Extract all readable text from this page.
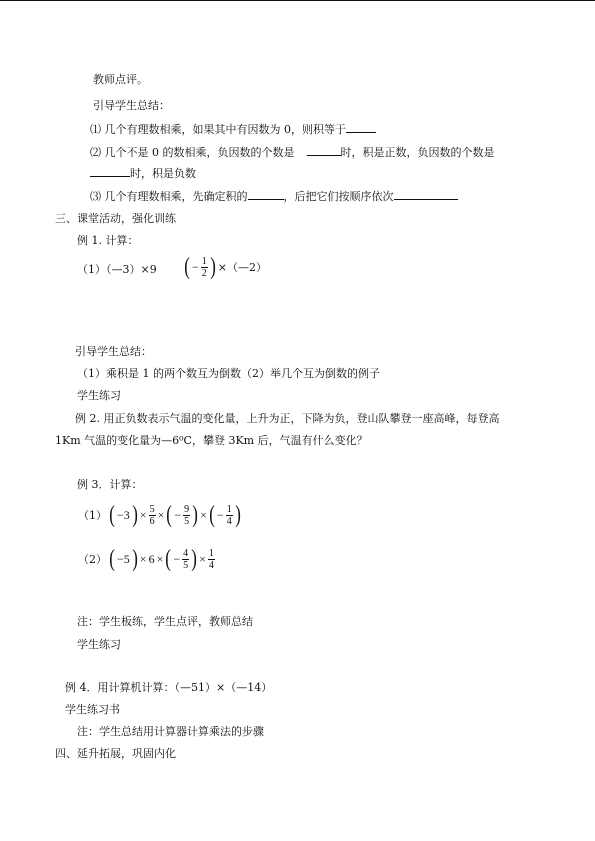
教师点评。
引导学生总结：
⑴ 几个有理数相乘，如果其中有因数为 0，则积等于
⑵ 几个不是 0 的数相乘，负因数的个数是	时，积是正数，负因数的个数是
时，积是负数
⑶ 几个有理数相乘，先确定积的	，后把它们按顺序依次
三、课堂活动，强化训练
例 1. 计算：
（1）（—3）×9 ( − $\frac{1}{2}$ ) ×（—2）
引导学生总结：
（1）乘积是 1 的两个数互为倒数（2）举几个互为倒数的例子
学生练习
例 2. 用正负数表示气温的变化量，上升为正，下降为负，登山队攀登一座高峰，每登高
1Km 气温的变化量为—6⁰C，攀登 3Km 后，气温有什么变化？
例 3．计算：
$(1)( -3) \times \frac{5}{6}$ ×( − $\frac{9}{5}$ ) ×( − $\frac{1}{4}$ )
（2）( −5) × 6 ×( − $\frac{4}{5}$ ) × $\frac{1}{4}$
注：学生板练，学生点评，教师总结
学生练习
例 4．用计算机计算：（—51）×（—14）
学生练习书
注：学生总结用计算器计算乘法的步骤
四、延升拓展，巩固内化
